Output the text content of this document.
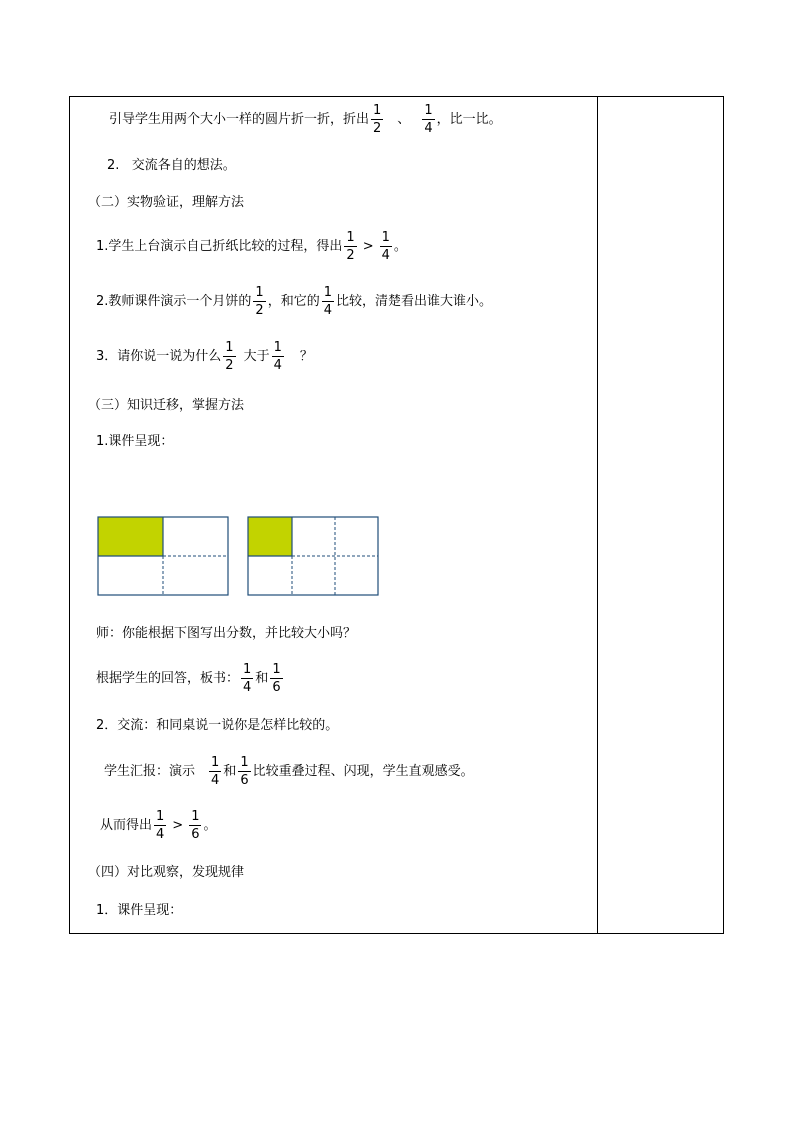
引导学生用两个大小一样的圆片折一折，折出 $\frac{1}{2}$ 、 $\frac{1}{4}$ ，比一比。
2.   交流各自的想法。
（二）实物验证，理解方法
1.学生上台演示自己折纸比较的过程，得出 $\frac{1}{2} > \frac{1}{4}$ 。
2.教师课件演示一个月饼的 $\frac{1}{2}$ ，和它的 $\frac{1}{4}$ 比较，清楚看出谁大谁小。
3．请你说一说为什么 $\frac{1}{2}$ 大于 $\frac{1}{4}$ ？
（三）知识迁移，掌握方法
1.课件呈现：
师：你能根据下图写出分数，并比较大小吗？
根据学生的回答，板书： $\frac{1}{4}$ 和 $\frac{1}{6}$
2．交流：和同桌说一说你是怎样比较的。
学生汇报：演示 $\frac{1}{4}$ 和 $\frac{1}{6}$ 比较重叠过程、闪现，学生直观感受。
从而得出 $\frac{1}{4} > \frac{1}{6}$ 。
（四）对比观察，发现规律
1．课件呈现：
